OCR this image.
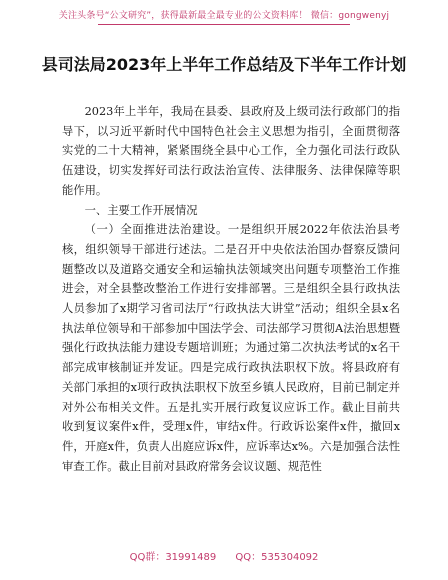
关注头条号“公文研究”，获得最新最全最专业的公文资料库！ 微信：gongwenyj
县司法局2023年上半年工作总结及下半年工作计划

2023年上半年，我局在县委、县政府及上级司法行政部门的指导下，以习近平新时代中国特色社会主义思想为指引，全面贯彻落实党的二十大精神，紧紧围绕全县中心工作，全力强化司法行政队伍建设，切实发挥好司法行政法治宣传、法律服务、法律保障等职能作用。

一、主要工作开展情况

（一）全面推进法治建设。一是组织开展2022年依法治县考核，组织领导干部进行述法。二是召开中央依法治国办督察反馈问题整改以及道路交通安全和运输执法领域突出问题专项整治工作推进会，对全县整改整治工作进行安排部署。三是组织全县行政执法人员参加了x期学习省司法厅“行政执法大讲堂”活动；组织全县x名执法单位领导和干部参加中国法学会、司法部学习贯彻A法治思想暨强化行政执法能力建设专题培训班；为通过第二次执法考试的x名干部完成审核制证并发证。四是完成行政执法职权下放。将县政府有关部门承担的x项行政执法职权下放至乡镇人民政府，目前已制定并对外公布相关文件。五是扎实开展行政复议应诉工作。截止目前共收到复议案件x件，受理x件，审结x件。行政诉讼案件x件，撤回x件，开庭x件，负责人出庭应诉x件，应诉率达x%。六是加强合法性审查工作。截止目前对县政府常务会议议题、规范性

QQ群：31991489 QQ：535304092
